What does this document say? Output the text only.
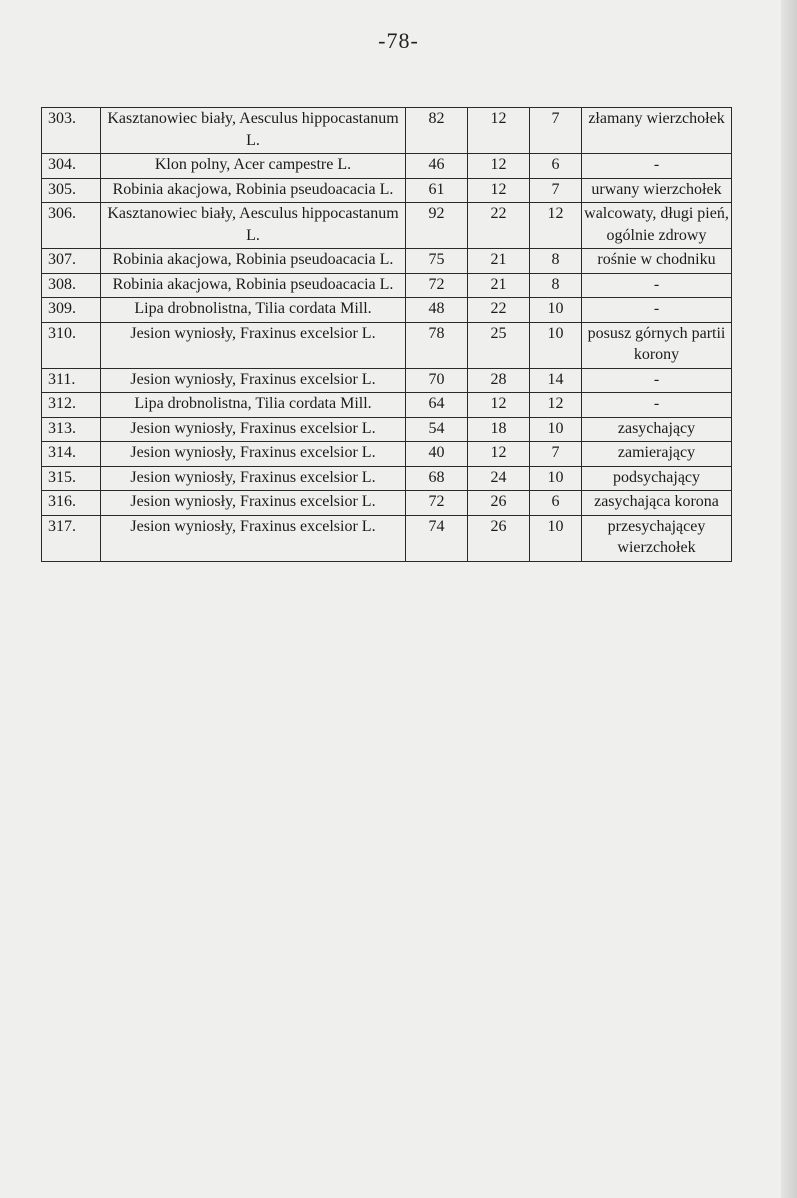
-78-
303.	Kasztanowiec biały, Aesculus hippocastanum L.	82	12	7	złamany wierzchołek
304.	Klon polny, Acer campestre L.	46	12	6	-
305.	Robinia akacjowa, Robinia pseudoacacia L.	61	12	7	urwany wierzchołek
306.	Kasztanowiec biały, Aesculus hippocastanum L.	92	22	12	walcowaty, długi pień, ogólnie zdrowy
307.	Robinia akacjowa, Robinia pseudoacacia L.	75	21	8	rośnie w chodniku
308.	Robinia akacjowa, Robinia pseudoacacia L.	72	21	8	-
309.	Lipa drobnolistna, Tilia cordata Mill.	48	22	10	-
310.	Jesion wyniosły, Fraxinus excelsior L.	78	25	10	posusz górnych partii korony
311.	Jesion wyniosły, Fraxinus excelsior L.	70	28	14	-
312.	Lipa drobnolistna, Tilia cordata Mill.	64	12	12	-
313.	Jesion wyniosły, Fraxinus excelsior L.	54	18	10	zasychający
314.	Jesion wyniosły, Fraxinus excelsior L.	40	12	7	zamierający
315.	Jesion wyniosły, Fraxinus excelsior L.	68	24	10	podsychający
316.	Jesion wyniosły, Fraxinus excelsior L.	72	26	6	zasychająca korona
317.	Jesion wyniosły, Fraxinus excelsior L.	74	26	10	przesychającey wierzchołek
